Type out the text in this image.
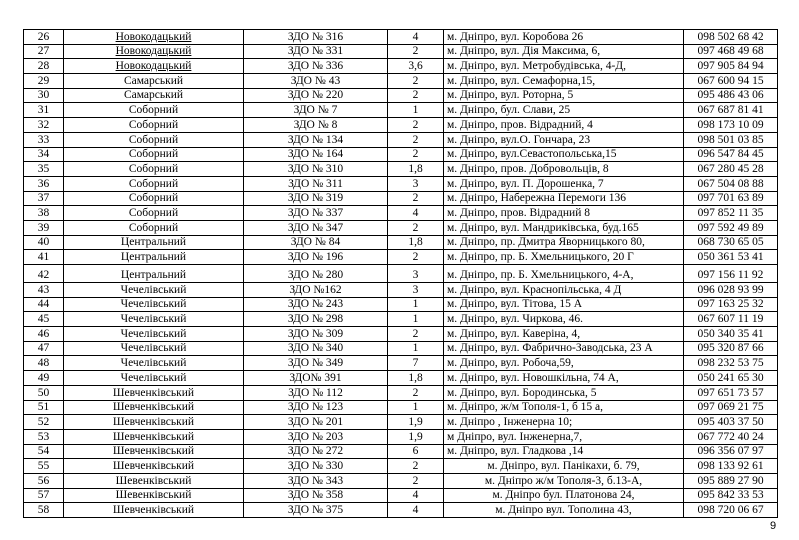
26	Новокодацький	ЗДО № 316	4	м. Дніпро, вул. Коробова 26	098 502 68 42
27	Новокодацький	ЗДО № 331	2	м. Дніпро, вул. Дія Максима, 6,	097 468 49 68
28	Новокодацький	ЗДО № 336	3,6	м. Дніпро, вул. Метробудівська, 4-Д,	097 905 84 94
29	Самарський	ЗДО № 43	2	м. Дніпро, вул. Семафорна,15,	067 600 94 15
30	Самарський	ЗДО № 220	2	м. Дніпро, вул. Роторна, 5	095 486 43 06
31	Соборний	ЗДО № 7	1	м. Дніпро, бул. Слави, 25	067 687 81 41
32	Соборний	ЗДО № 8	2	м. Дніпро, пров. Відрадний, 4	098 173 10 09
33	Соборний	ЗДО № 134	2	м. Дніпро, вул.О. Гончара, 23	098 501 03 85
34	Соборний	ЗДО № 164	2	м. Дніпро, вул.Севастопольська,15	096 547 84 45
35	Соборний	ЗДО № 310	1,8	м. Дніпро, пров. Добровольців, 8	067 280 45 28
36	Соборний	ЗДО № 311	3	м. Дніпро, вул. П. Дорошенка, 7	067 504 08 88
37	Соборний	ЗДО № 319	2	м. Дніпро, Набережна Перемоги 136	097 701 63 89
38	Соборний	ЗДО № 337	4	м. Дніпро, пров. Відрадний 8	097 852 11 35
39	Соборний	ЗДО № 347	2	м. Дніпро, вул. Мандриківська, буд.165	097 592 49 89
40	Центральний	ЗДО № 84	1,8	м. Дніпро, пр. Дмитра Яворницького 80,	068 730 65 05
41	Центральний	ЗДО № 196	2	м. Дніпро, пр. Б. Хмельницького, 20 Г	050 361 53 41
42	Центральний	ЗДО № 280	3	м. Дніпро, пр. Б. Хмельницького, 4-А,	097 156 11 92
43	Чечелівський	ЗДО №162	3	м. Дніпро, вул. Краснопільська, 4 Д	096 028 93 99
44	Чечелівський	ЗДО № 243	1	м. Дніпро, вул. Тітова, 15 А	097 163 25 32
45	Чечелівський	ЗДО № 298	1	м. Дніпро, вул. Чиркова, 46.	067 607 11 19
46	Чечелівський	ЗДО № 309	2	м. Дніпро, вул. Каверіна, 4,	050 340 35 41
47	Чечелівський	ЗДО № 340	1	м. Дніпро, вул. Фабрично-Заводська, 23 А	095 320 87 66
48	Чечелівський	ЗДО № 349	7	м. Дніпро, вул. Робоча,59,	098 232 53 75
49	Чечелівський	ЗДО№ 391	1,8	м. Дніпро, вул. Новошкільна, 74 А,	050 241 65 30
50	Шевченківський	ЗДО № 112	2	м. Дніпро, вул. Бородинська, 5	097 651 73 57
51	Шевченківський	ЗДО № 123	1	м. Дніпро, ж/м Тополя-1, б 15 а,	097 069 21 75
52	Шевченківський	ЗДО № 201	1,9	м. Дніпро , Інженерна 10;	095 403 37 50
53	Шевченківський	ЗДО № 203	1,9	м Дніпро, вул. Інженерна,7,	067 772 40 24
54	Шевченківський	ЗДО № 272	6	м. Дніпро, вул. Гладкова ,14	096 356 07 97
55	Шевченківський	ЗДО № 330	2	м. Дніпро, вул. Панікахи, б. 79,	098 133 92 61
56	Шевенківський	ЗДО № 343	2	м. Дніпро ж/м Тополя-3, б.13-А,	095 889 27 90
57	Шевенківський	ЗДО № 358	4	м. Дніпро бул. Платонова 24,	095 842 33 53
58	Шевченківський	ЗДО № 375	4	м. Дніпро вул. Тополина 43,	098 720 06 67
9
